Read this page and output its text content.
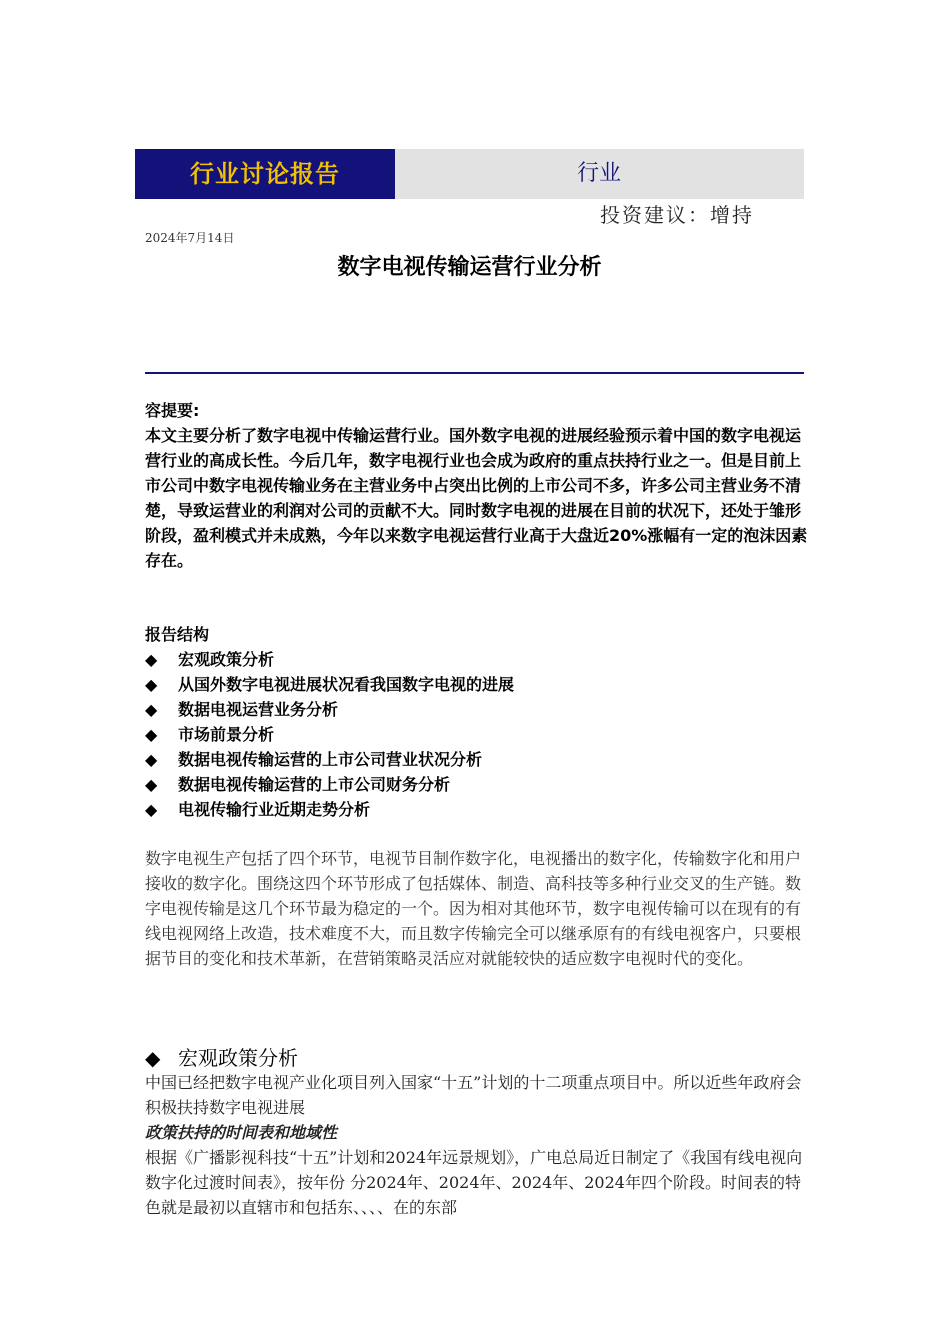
行业讨论报告	行业
投资建议：增持
2024年7月14日
数字电视传输运营行业分析

容提要:

本文主要分析了数字电视中传输运营行业。国外数字电视的进展经验预示着中国的数字电视运营行业的高成长性。今后几年，数字电视行业也会成为政府的重点扶持行业之一。但是目前上市公司中数字电视传输业务在主营业务中占突出比例的上市公司不多，许多公司主营业务不清楚，导致运营业的利润对公司的贡献不大。同时数字电视的进展在目前的状况下，还处于雏形阶段，盈利模式并未成熟，今年以来数字电视运营行业高于大盘近20%涨幅有一定的泡沫因素存在。

报告结构
◆ 宏观政策分析
◆ 从国外数字电视进展状况看我国数字电视的进展
◆ 数据电视运营业务分析
◆ 市场前景分析
◆ 数据电视传输运营的上市公司营业状况分析
◆ 数据电视传输运营的上市公司财务分析
◆ 电视传输行业近期走势分析
数字电视生产包括了四个环节，电视节目制作数字化，电视播出的数字化，传输数字化和用户接收的数字化。围绕这四个环节形成了包括媒体、制造、高科技等多种行业交叉的生产链。数字电视传输是这几个环节最为稳定的一个。因为相对其他环节，数字电视传输可以在现有的有线电视网络上改造，技术难度不大，而且数字传输完全可以继承原有的有线电视客户，只要根据节目的变化和技术革新，在营销策略灵活应对就能较快的适应数字电视时代的变化。
◆ 宏观政策分析

中国已经把数字电视产业化项目列入国家“十五”计划的十二项重点项目中。所以近些年政府会积极扶持数字电视进展

政策扶持的时间表和地域性

根据《广播影视科技“十五”计划和2024年远景规划》，广电总局近日制定了《我国有线电视向数字化过渡时间表》，按年份 分2024年、2024年、2024年、2024年四个阶段。时间表的特色就是最初以直辖市和包括东、、、、在的东部
